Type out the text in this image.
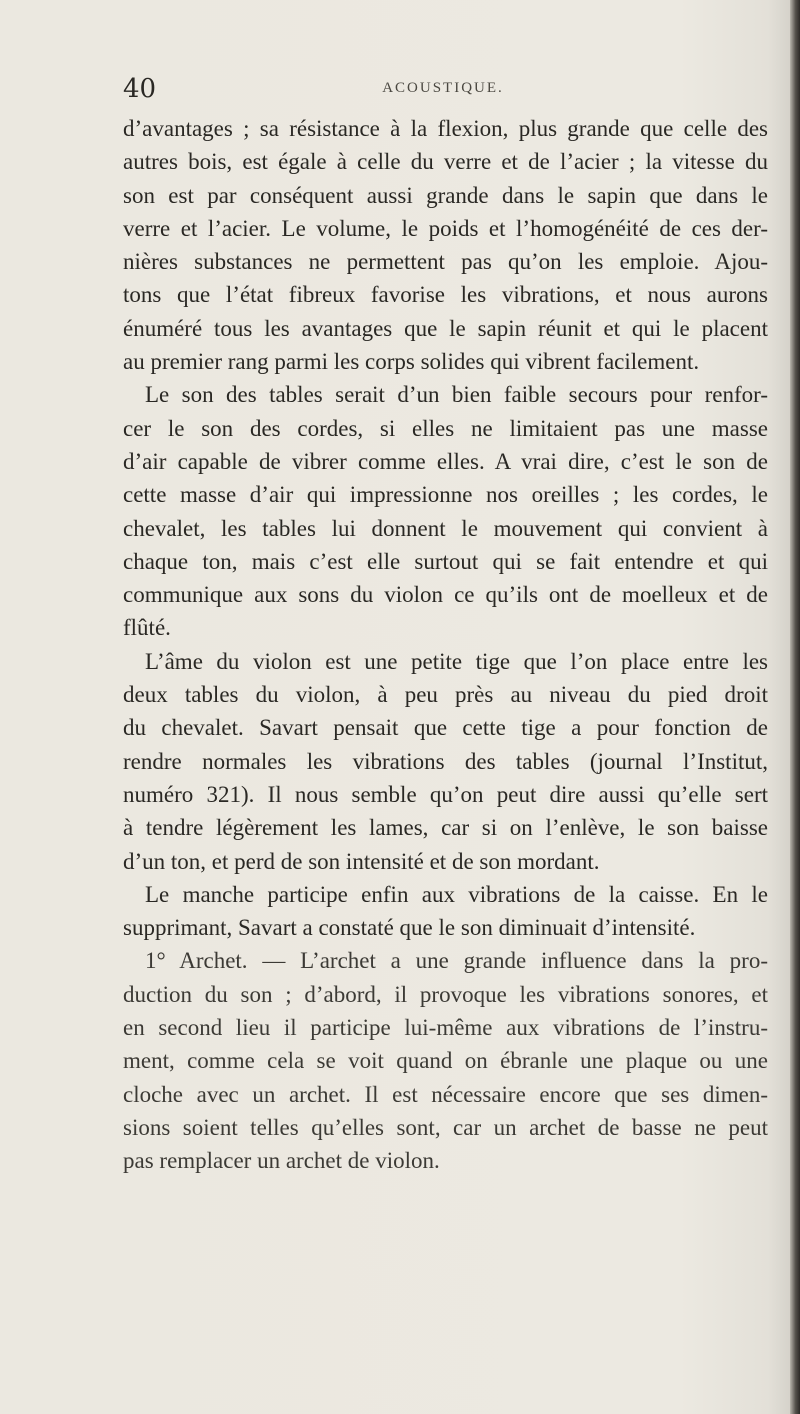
40	ACOUSTIQUE.
d’avantages ; sa résistance à la flexion, plus grande que celle des
autres bois, est égale à celle du verre et de l’acier ; la vitesse du
son est par conséquent aussi grande dans le sapin que dans le
verre et l’acier. Le volume, le poids et l’homogénéité de ces der-
nières substances ne permettent pas qu’on les emploie. Ajou-
tons que l’état fibreux favorise les vibrations, et nous aurons
énuméré tous les avantages que le sapin réunit et qui le placent
au premier rang parmi les corps solides qui vibrent facilement.
Le son des tables serait d’un bien faible secours pour renfor-
cer le son des cordes, si elles ne limitaient pas une masse
d’air capable de vibrer comme elles. A vrai dire, c’est le son de
cette masse d’air qui impressionne nos oreilles ; les cordes, le
chevalet, les tables lui donnent le mouvement qui convient à
chaque ton, mais c’est elle surtout qui se fait entendre et qui
communique aux sons du violon ce qu’ils ont de moelleux et de
flûté.
L’âme du violon est une petite tige que l’on place entre les
deux tables du violon, à peu près au niveau du pied droit
du chevalet. Savart pensait que cette tige a pour fonction de
rendre normales les vibrations des tables (journal l’Institut,
numéro 321). Il nous semble qu’on peut dire aussi qu’elle sert
à tendre légèrement les lames, car si on l’enlève, le son baisse
d’un ton, et perd de son intensité et de son mordant.
Le manche participe enfin aux vibrations de la caisse. En le
supprimant, Savart a constaté que le son diminuait d’intensité.
1° Archet. — L’archet a une grande influence dans la pro-
duction du son ; d’abord, il provoque les vibrations sonores, et
en second lieu il participe lui-même aux vibrations de l’instru-
ment, comme cela se voit quand on ébranle une plaque ou une
cloche avec un archet. Il est nécessaire encore que ses dimen-
sions soient telles qu’elles sont, car un archet de basse ne peut
pas remplacer un archet de violon.
